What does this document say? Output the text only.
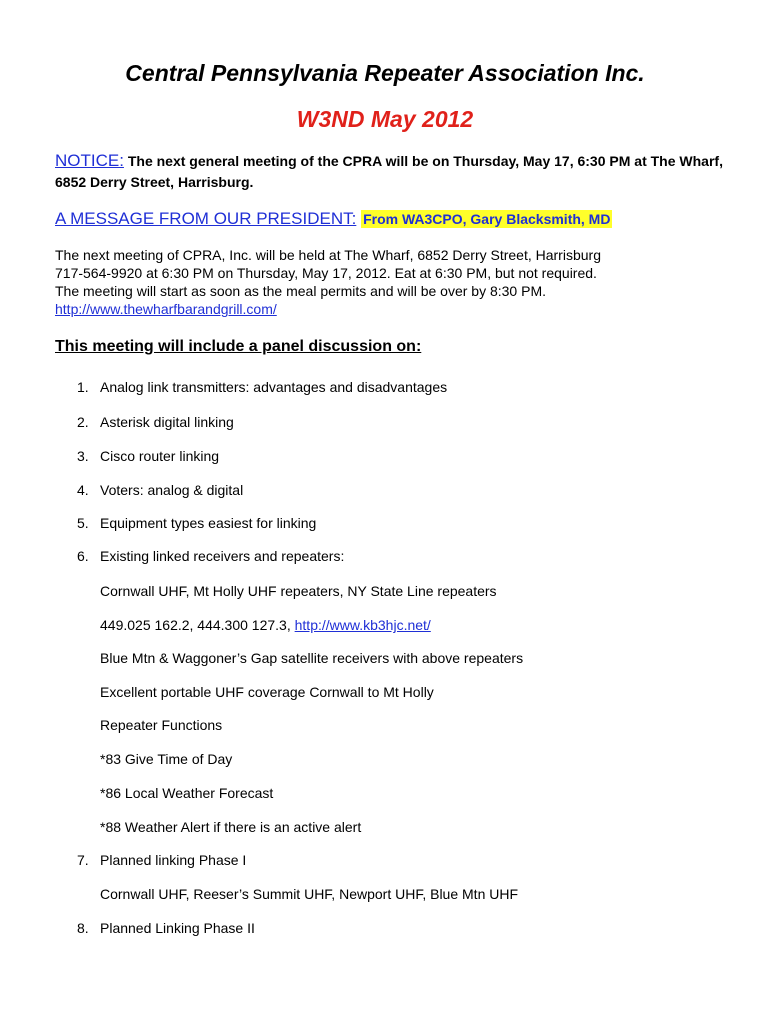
Central Pennsylvania Repeater Association Inc.
W3ND May 2012
NOTICE: The next general meeting of the CPRA will be on Thursday, May 17, 6:30 PM at The Wharf, 6852 Derry Street, Harrisburg.
A MESSAGE FROM OUR PRESIDENT: From WA3CPO, Gary Blacksmith, MD
The next meeting of CPRA, Inc. will be held at The Wharf, 6852 Derry Street, Harrisburg
717-564-9920 at 6:30 PM on Thursday, May 17, 2012. Eat at 6:30 PM, but not required.
The meeting will start as soon as the meal permits and will be over by 8:30 PM.
http://www.thewharfbarandgrill.com/
This meeting will include a panel discussion on:
1. Analog link transmitters: advantages and disadvantages
2. Asterisk digital linking
3. Cisco router linking
4. Voters: analog & digital
5. Equipment types easiest for linking
6. Existing linked receivers and repeaters:
Cornwall UHF, Mt Holly UHF repeaters, NY State Line repeaters
449.025 162.2, 444.300 127.3, http://www.kb3hjc.net/
Blue Mtn & Waggoner’s Gap satellite receivers with above repeaters
Excellent portable UHF coverage Cornwall to Mt Holly
Repeater Functions
*83 Give Time of Day
*86 Local Weather Forecast
*88 Weather Alert if there is an active alert
7. Planned linking Phase I
Cornwall UHF, Reeser’s Summit UHF, Newport UHF, Blue Mtn UHF
8. Planned Linking Phase II
